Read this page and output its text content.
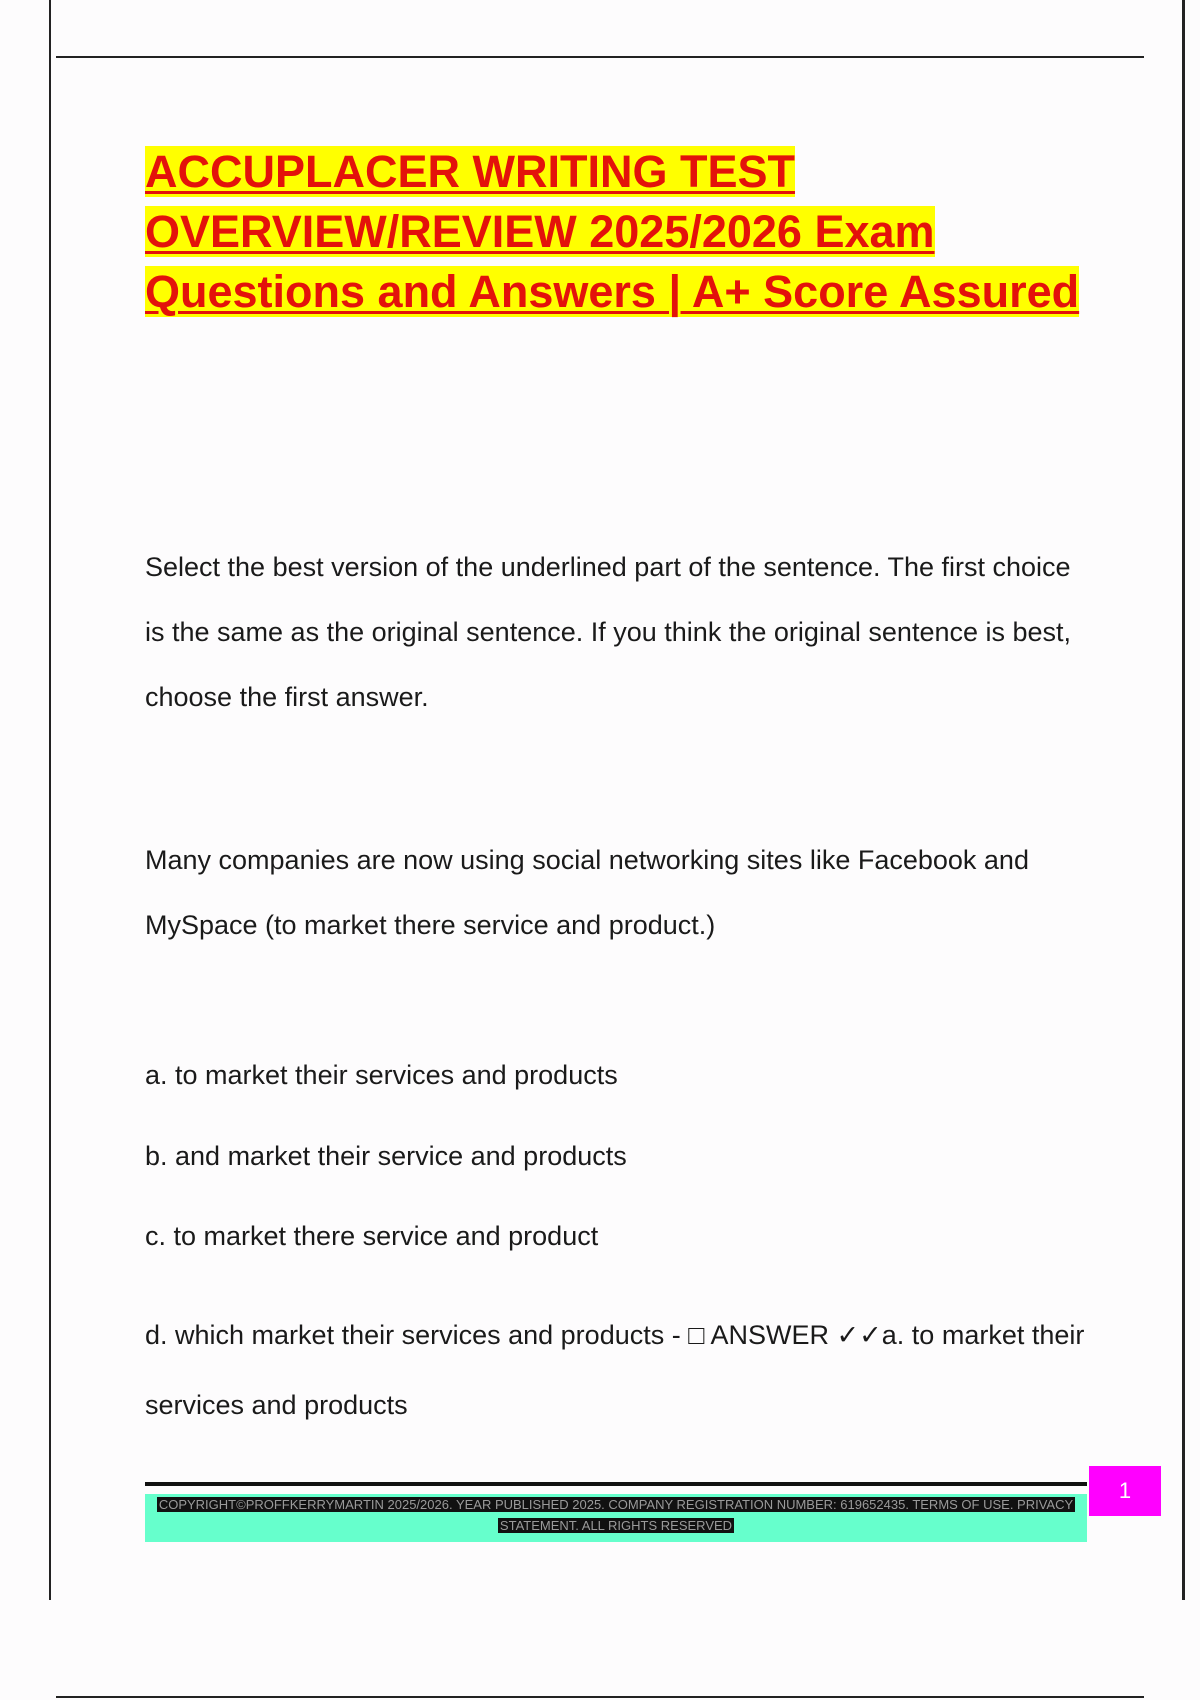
ACCUPLACER WRITING TEST OVERVIEW/REVIEW 2025/2026 Exam Questions and Answers | A+ Score Assured

Select the best version of the underlined part of the sentence. The first choice is the same as the original sentence. If you think the original sentence is best, choose the first answer.

Many companies are now using social networking sites like Facebook and MySpace (to market there service and product.)

a. to market their services and products

b. and market their service and products

c. to market there service and product

d. which market their services and products - □ ANSWER ✓✓a. to market their services and products

COPYRIGHT©PROFFKERRYMARTIN 2025/2026. YEAR PUBLISHED 2025. COMPANY REGISTRATION NUMBER: 619652435. TERMS OF USE. PRIVACY STATEMENT. ALL RIGHTS RESERVED
1
